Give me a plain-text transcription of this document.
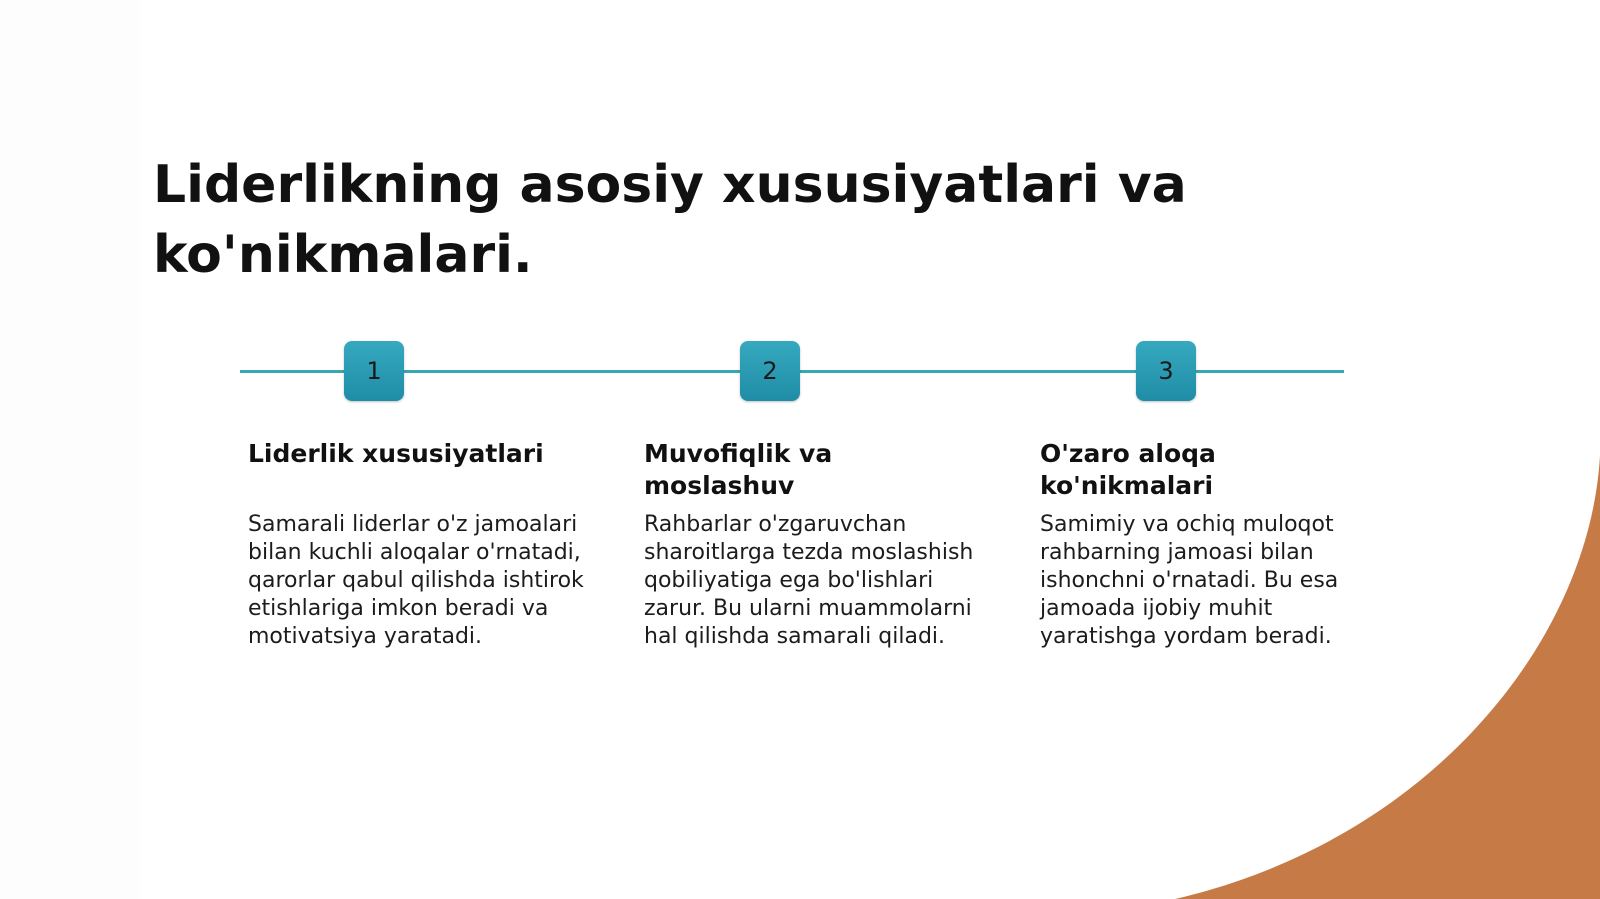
Liderlikning asosiy xususiyatlari va ko'nikmalari.
1	2	3
Liderlik xususiyatlari

Samarali liderlar o'z jamoalari bilan kuchli aloqalar o'rnatadi, qarorlar qabul qilishda ishtirok etishlariga imkon beradi va motivatsiya yaratadi.

Muvofiqlik va moslashuv

Rahbarlar o'zgaruvchan sharoitlarga tezda moslashish qobiliyatiga ega bo'lishlari zarur. Bu ularni muammolarni hal qilishda samarali qiladi.

O'zaro aloqa ko'nikmalari

Samimiy va ochiq muloqot rahbarning jamoasi bilan ishonchni o'rnatadi. Bu esa jamoada ijobiy muhit yaratishga yordam beradi.
